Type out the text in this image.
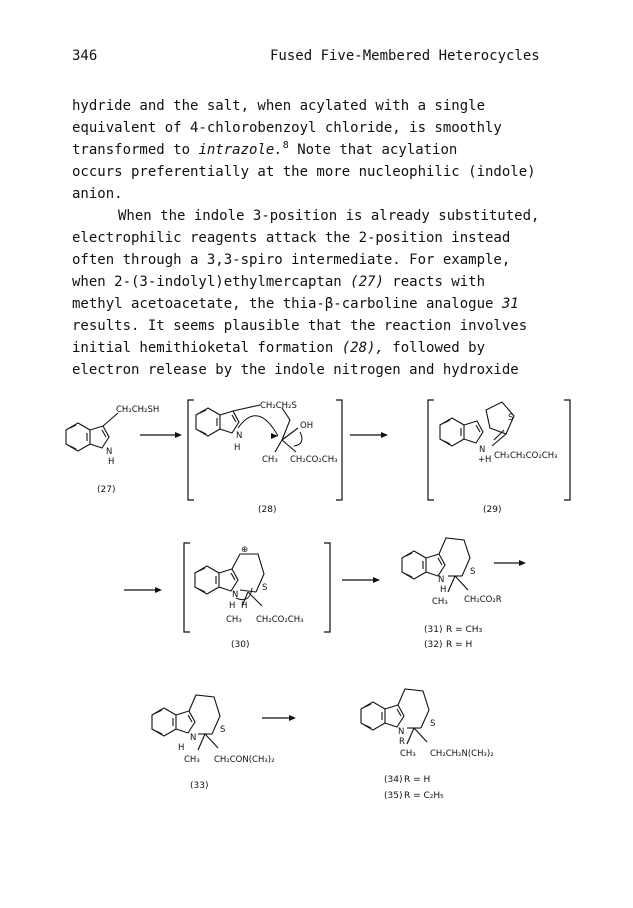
346	Fused Five-Membered Heterocycles

hydride and the salt, when acylated with a single
equivalent of 4-chlorobenzoyl chloride, is smoothly
transformed to intrazole.$^8$ Note that acylation
occurs preferentially at the more nucleophilic (indole)
anion.

When the indole 3-position is already substituted,
electrophilic reagents attack the 2-position instead
often through a 3,3-spiro intermediate. For example,
when 2-(3-indolyl)ethylmercaptan (27) reacts with
methyl acetoacetate, the thia-β-carboline analogue 31
results. It seems plausible that the reaction involves
initial hemithioketal formation (28), followed by
electron release by the indole nitrogen and hydroxide

CH₂CH₂SH
N
H
(27)
CH₂CH₂S
OH
N
H
CH₃ CH₂CO₂CH₃
(28)
S
N
+ H CH₃ CH₂CO₂CH₃
(29)
⊕
S
N
H H
CH₃ CH₂CO₂CH₃
(30)
S
N
H
CH₃ CH₂CO₂R
(31) R = CH₃
(32) R = H
S
N
H
CH₃ CH₂CON(CH₃)₂
(33)
S
N
R
CH₃ CH₂CH₂N(CH₃)₂
(34) R = H
(35) R = C₂H₅
